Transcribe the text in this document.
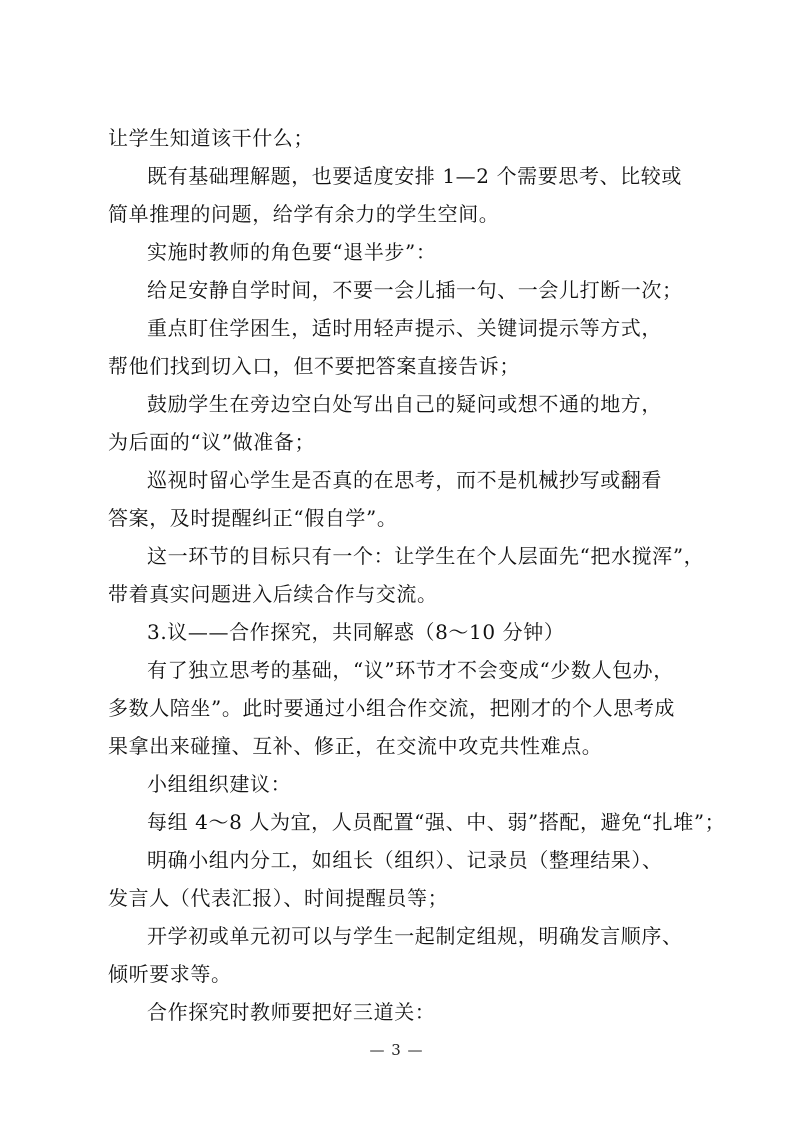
让学生知道该干什么；
既有基础理解题，也要适度安排 1—2 个需要思考、比较或
简单推理的问题，给学有余力的学生空间。
实施时教师的角色要“退半步”：
给足安静自学时间，不要一会儿插一句、一会儿打断一次；
重点盯住学困生，适时用轻声提示、关键词提示等方式，
帮他们找到切入口，但不要把答案直接告诉；
鼓励学生在旁边空白处写出自己的疑问或想不通的地方，
为后面的“议”做准备；
巡视时留心学生是否真的在思考，而不是机械抄写或翻看
答案，及时提醒纠正“假自学”。
这一环节的目标只有一个：让学生在个人层面先“把水搅浑”，
带着真实问题进入后续合作与交流。
3.议——合作探究，共同解惑（8～10 分钟）
有了独立思考的基础，“议”环节才不会变成“少数人包办，
多数人陪坐”。此时要通过小组合作交流，把刚才的个人思考成
果拿出来碰撞、互补、修正，在交流中攻克共性难点。
小组组织建议：
每组 4～8 人为宜，人员配置“强、中、弱”搭配，避免“扎堆”；
明确小组内分工，如组长（组织）、记录员（整理结果）、
发言人（代表汇报）、时间提醒员等；
开学初或单元初可以与学生一起制定组规，明确发言顺序、
倾听要求等。
合作探究时教师要把好三道关：
— 3 —
